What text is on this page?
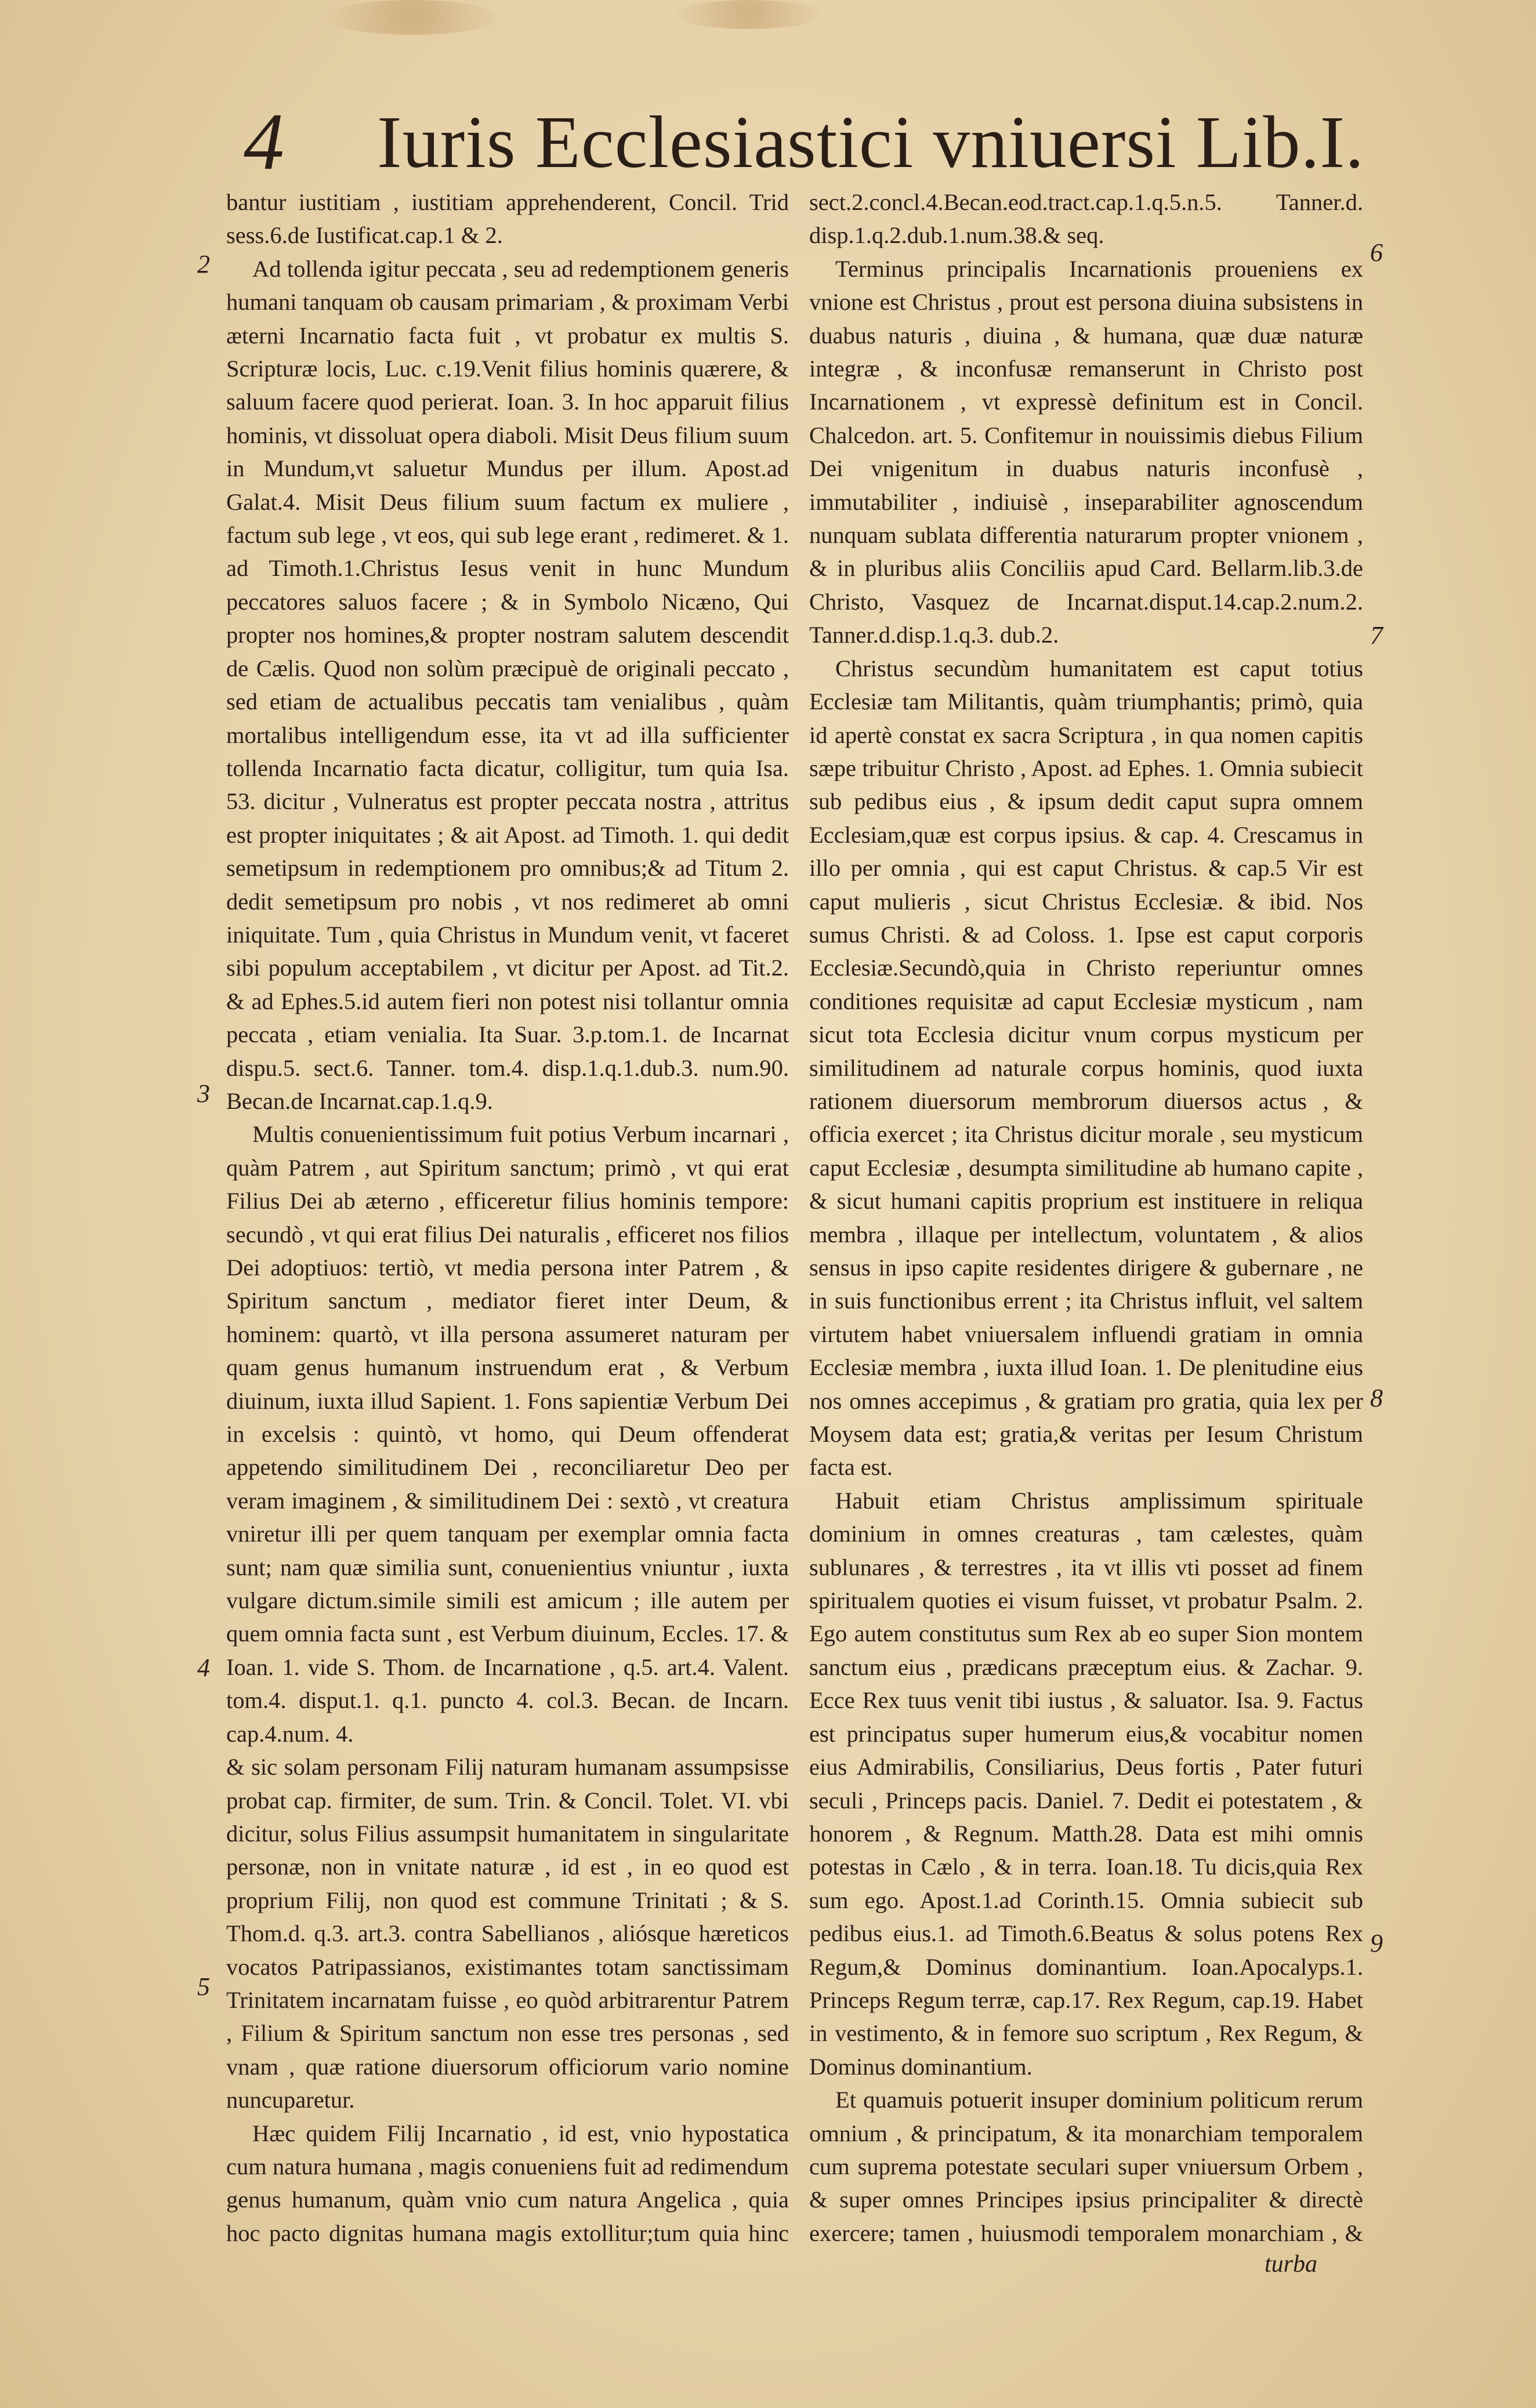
4 Iuris Ecclesiastici vniuersi Lib.I.
2
3
4
5
6
7
8
9

bantur iustitiam , iustitiam apprehenderent, Concil. Trid sess.6.de Iustificat.cap.1 & 2.

Ad tollenda igitur peccata , seu ad redemptionem generis humani tanquam ob causam primariam , & proximam Verbi æterni Incarnatio facta fuit , vt probatur ex multis S. Scripturæ locis, Luc. c.19.Venit filius hominis quærere, & saluum facere quod perierat. Ioan. 3. In hoc apparuit filius hominis, vt dissoluat opera diaboli. Misit Deus filium suum in Mundum,vt saluetur Mundus per illum. Apost.ad Galat.4. Misit Deus filium suum factum ex muliere , factum sub lege , vt eos, qui sub lege erant , redimeret. & 1. ad Timoth.1.Christus Iesus venit in hunc Mundum peccatores saluos facere ; & in Symbolo Nicæno, Qui propter nos homines,& propter nostram salutem descendit de Cælis. Quod non solùm præcipuè de originali peccato , sed etiam de actualibus peccatis tam venialibus , quàm mortalibus intelligendum esse, ita vt ad illa sufficienter tollenda Incarnatio facta dicatur, colligitur, tum quia Isa. 53. dicitur , Vulneratus est propter peccata nostra , attritus est propter iniquitates ; & ait Apost. ad Timoth. 1. qui dedit semetipsum in redemptionem pro omnibus;& ad Titum 2. dedit semetipsum pro nobis , vt nos redimeret ab omni iniquitate. Tum , quia Christus in Mundum venit, vt faceret sibi populum acceptabilem , vt dicitur per Apost. ad Tit.2. & ad Ephes.5.id autem fieri non potest nisi tollantur omnia peccata , etiam venialia. Ita Suar. 3.p.tom.1. de Incarnat dispu.5. sect.6. Tanner. tom.4. disp.1.q.1.dub.3. num.90. Becan.de Incarnat.cap.1.q.9.

Multis conuenientissimum fuit potius Verbum incarnari , quàm Patrem , aut Spiritum sanctum; primò , vt qui erat Filius Dei ab æterno , efficeretur filius hominis tempore: secundò , vt qui erat filius Dei naturalis , efficeret nos filios Dei adoptiuos: tertiò, vt media persona inter Patrem , & Spiritum sanctum , mediator fieret inter Deum, & hominem: quartò, vt illa persona assumeret naturam per quam genus humanum instruendum erat , & Verbum diuinum, iuxta illud Sapient. 1. Fons sapientiæ Verbum Dei in excelsis : quintò, vt homo, qui Deum offenderat appetendo similitudinem Dei , reconciliaretur Deo per veram imaginem , & similitudinem Dei : sextò , vt creatura vniretur illi per quem tanquam per exemplar omnia facta sunt; nam quæ similia sunt, conuenientius vniuntur , iuxta vulgare dictum.simile simili est amicum ; ille autem per quem omnia facta sunt , est Verbum diuinum, Eccles. 17. & Ioan. 1. vide S. Thom. de Incarnatione , q.5. art.4. Valent. tom.4. disput.1. q.1. puncto 4. col.3. Becan. de Incarn. cap.4.num. 4.

& sic solam personam Filij naturam humanam assumpsisse probat cap. firmiter, de sum. Trin. & Concil. Tolet. VI. vbi dicitur, solus Filius assumpsit humanitatem in singularitate personæ, non in vnitate naturæ , id est , in eo quod est proprium Filij, non quod est commune Trinitati ; & S. Thom.d. q.3. art.3. contra Sabellianos , aliósque hæreticos vocatos Patripassianos, existimantes totam sanctissimam Trinitatem incarnatam fuisse , eo quòd arbitrarentur Patrem , Filium & Spiritum sanctum non esse tres personas , sed vnam , quæ ratione diuersorum officiorum vario nomine nuncuparetur.

Hæc quidem Filij Incarnatio , id est, vnio hypostatica cum natura humana , magis conueniens fuit ad redimendum genus humanum, quàm vnio cum natura Angelica , quia hoc pacto dignitas humana magis extollitur;tum quia hinc

sect.2.concl.4.Becan.eod.tract.cap.1.q.5.n.5. Tanner.d. disp.1.q.2.dub.1.num.38.& seq.

Terminus principalis Incarnationis proueniens ex vnione est Christus , prout est persona diuina subsistens in duabus naturis , diuina , & humana, quæ duæ naturæ integræ , & inconfusæ remanserunt in Christo post Incarnationem , vt expressè definitum est in Concil. Chalcedon. art. 5. Confitemur in nouissimis diebus Filium Dei vnigenitum in duabus naturis inconfusè , immutabiliter , indiuisè , inseparabiliter agnoscendum nunquam sublata differentia naturarum propter vnionem , & in pluribus aliis Conciliis apud Card. Bellarm.lib.3.de Christo, Vasquez de Incarnat.disput.14.cap.2.num.2. Tanner.d.disp.1.q.3. dub.2.

Christus secundùm humanitatem est caput totius Ecclesiæ tam Militantis, quàm triumphantis; primò, quia id apertè constat ex sacra Scriptura , in qua nomen capitis sæpe tribuitur Christo , Apost. ad Ephes. 1. Omnia subiecit sub pedibus eius , & ipsum dedit caput supra omnem Ecclesiam,quæ est corpus ipsius. & cap. 4. Crescamus in illo per omnia , qui est caput Christus. & cap.5 Vir est caput mulieris , sicut Christus Ecclesiæ. & ibid. Nos sumus Christi. & ad Coloss. 1. Ipse est caput corporis Ecclesiæ.Secundò,quia in Christo reperiuntur omnes conditiones requisitæ ad caput Ecclesiæ mysticum , nam sicut tota Ecclesia dicitur vnum corpus mysticum per similitudinem ad naturale corpus hominis, quod iuxta rationem diuersorum membrorum diuersos actus , & officia exercet ; ita Christus dicitur morale , seu mysticum caput Ecclesiæ , desumpta similitudine ab humano capite , & sicut humani capitis proprium est instituere in reliqua membra , illaque per intellectum, voluntatem , & alios sensus in ipso capite residentes dirigere & gubernare , ne in suis functionibus errent ; ita Christus influit, vel saltem virtutem habet vniuersalem influendi gratiam in omnia Ecclesiæ membra , iuxta illud Ioan. 1. De plenitudine eius nos omnes accepimus , & gratiam pro gratia, quia lex per Moysem data est; gratia,& veritas per Iesum Christum facta est.

Habuit etiam Christus amplissimum spirituale dominium in omnes creaturas , tam cælestes, quàm sublunares , & terrestres , ita vt illis vti posset ad finem spiritualem quoties ei visum fuisset, vt probatur Psalm. 2. Ego autem constitutus sum Rex ab eo super Sion montem sanctum eius , prædicans præceptum eius. & Zachar. 9. Ecce Rex tuus venit tibi iustus , & saluator. Isa. 9. Factus est principatus super humerum eius,& vocabitur nomen eius Admirabilis, Consiliarius, Deus fortis , Pater futuri seculi , Princeps pacis. Daniel. 7. Dedit ei potestatem , & honorem , & Regnum. Matth.28. Data est mihi omnis potestas in Cælo , & in terra. Ioan.18. Tu dicis,quia Rex sum ego. Apost.1.ad Corinth.15. Omnia subiecit sub pedibus eius.1. ad Timoth.6.Beatus & solus potens Rex Regum,& Dominus dominantium. Ioan.Apocalyps.1. Princeps Regum terræ, cap.17. Rex Regum, cap.19. Habet in vestimento, & in femore suo scriptum , Rex Regum, & Dominus dominantium.

Et quamuis potuerit insuper dominium politicum rerum omnium , & principatum, & ita monarchiam temporalem cum suprema potestate seculari super vniuersum Orbem , & super omnes Principes ipsius principaliter & directè exercere; tamen , huiusmodi temporalem monarchiam , &

turba
